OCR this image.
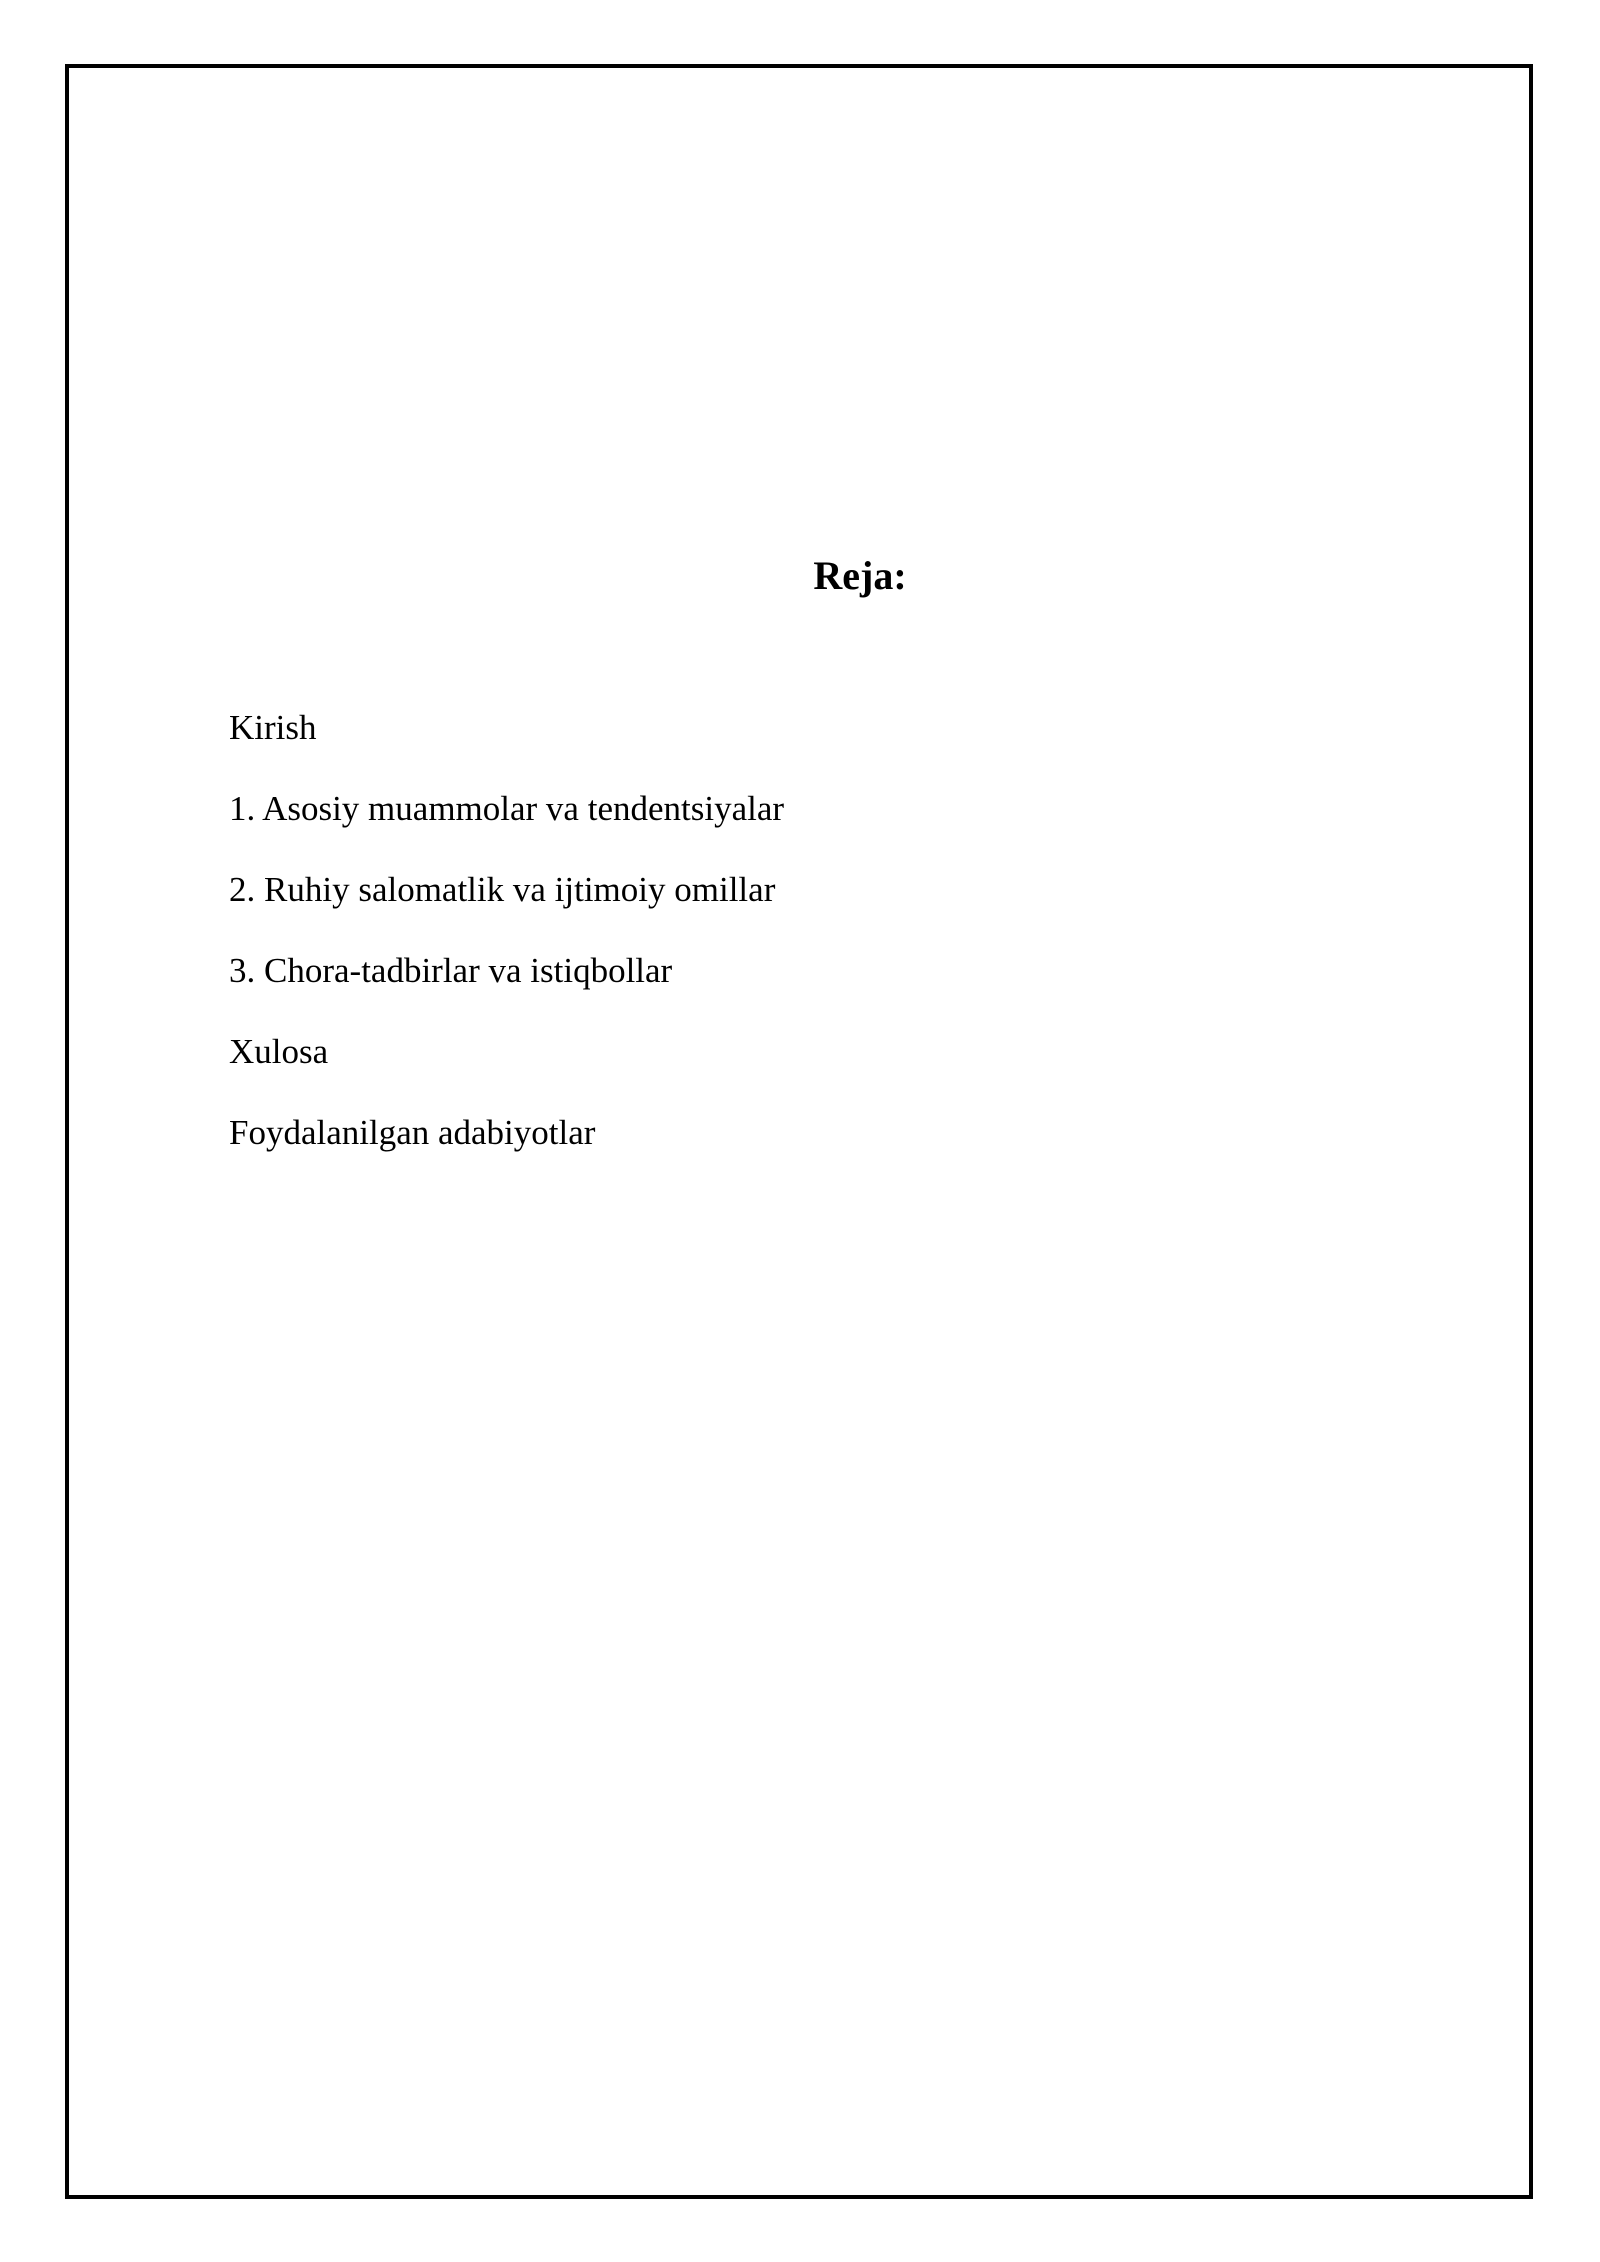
Reja:
Kirish
1. Asosiy muammolar va tendentsiyalar
2. Ruhiy salomatlik va ijtimoiy omillar
3. Chora-tadbirlar va istiqbollar
Xulosa
Foydalanilgan adabiyotlar
